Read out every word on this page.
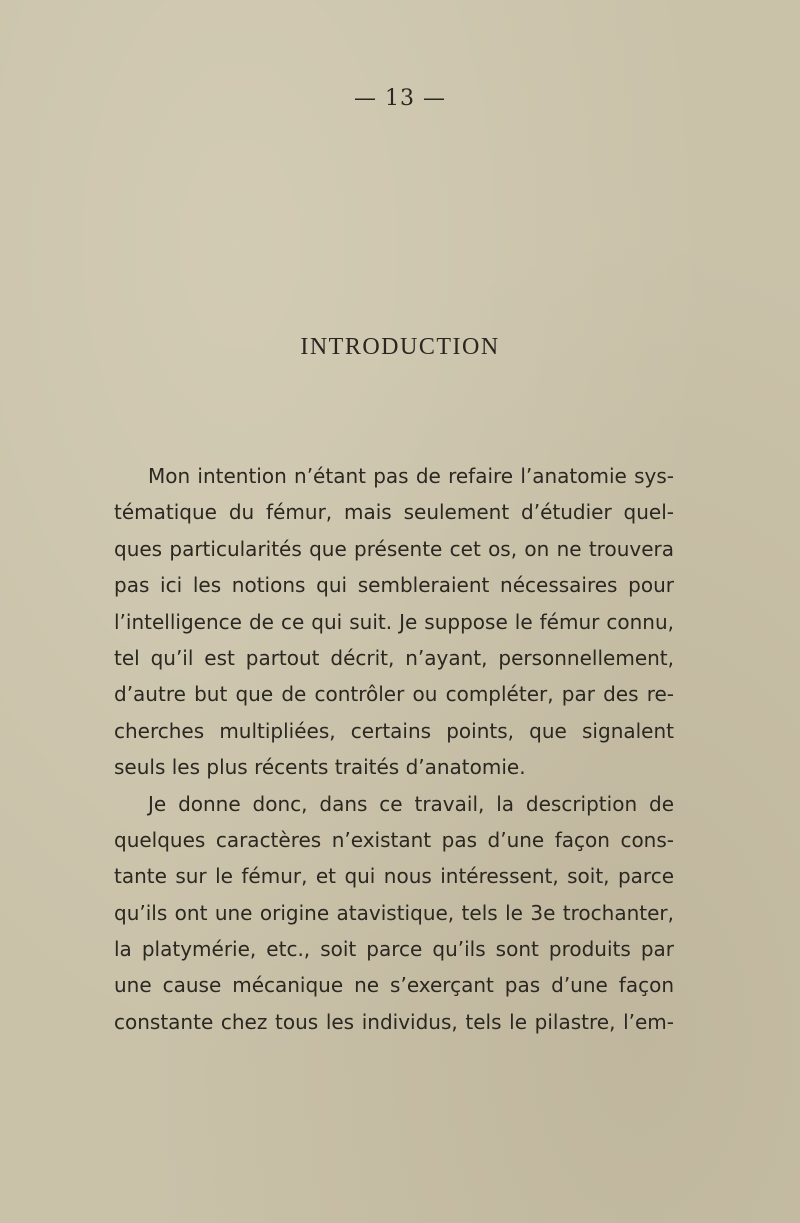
— 13 —
INTRODUCTION
Mon intention n’étant pas de refaire l’anatomie sys-
tématique du fémur, mais seulement d’étudier quel-
ques particularités que présente cet os, on ne trouvera
pas ici les notions qui sembleraient nécessaires pour
l’intelligence de ce qui suit. Je suppose le fémur connu,
tel qu’il est partout décrit, n’ayant, personnellement,
d’autre but que de contrôler ou compléter, par des re-
cherches multipliées, certains points, que signalent
seuls les plus récents traités d’anatomie.
Je donne donc, dans ce travail, la description de
quelques caractères n’existant pas d’une façon cons-
tante sur le fémur, et qui nous intéressent, soit, parce
qu’ils ont une origine atavistique, tels le 3e trochanter,
la platymérie, etc., soit parce qu’ils sont produits par
une cause mécanique ne s’exerçant pas d’une façon
constante chez tous les individus, tels le pilastre, l’em-
